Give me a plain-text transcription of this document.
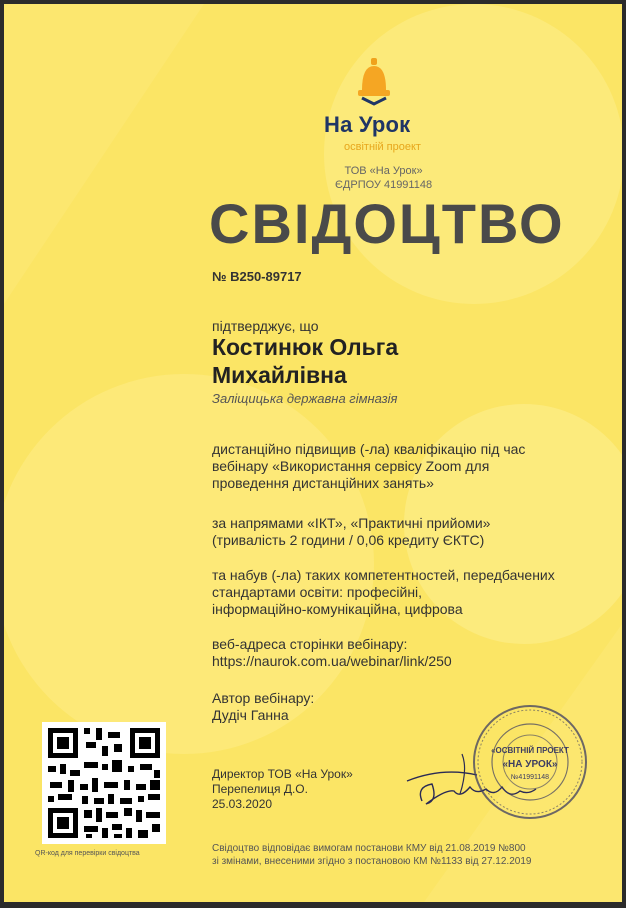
На Урок
освітній проект
ТОВ «На Урок»
ЄДРПОУ 41991148
СВІДОЦТВО
№ В250-89717
підтверджує, що
Костинюк Ольга
Михайлівна
Заліщицька державна гімназія
дистанційно підвищив (-ла) кваліфікацію під час
вебінару «Використання сервісу Zoom для
проведення дистанційних занять»
за напрямами «ІКТ», «Практичні прийоми»
(тривалість 2 години / 0,06 кредиту ЄКТС)
та набув (-ла) таких компетентностей, передбачених
стандартами освіти: професійні,
інформаційно-комунікаційна, цифрова
веб-адреса сторінки вебінару:
https://naurok.com.ua/webinar/link/250
Автор вебінару:
Дудіч Ганна
QR-код для перевірки свідоцтва
Директор ТОВ «На Урок»
Перепелиця Д.О.
25.03.2020
«ОСВІТНІЙ ПРОЕКТ
«НА УРОК»
№41991148
Свідоцтво відповідає вимогам постанови КМУ від 21.08.2019 №800
зі змінами, внесеними згідно з постановою КМ №1133 від 27.12.2019
